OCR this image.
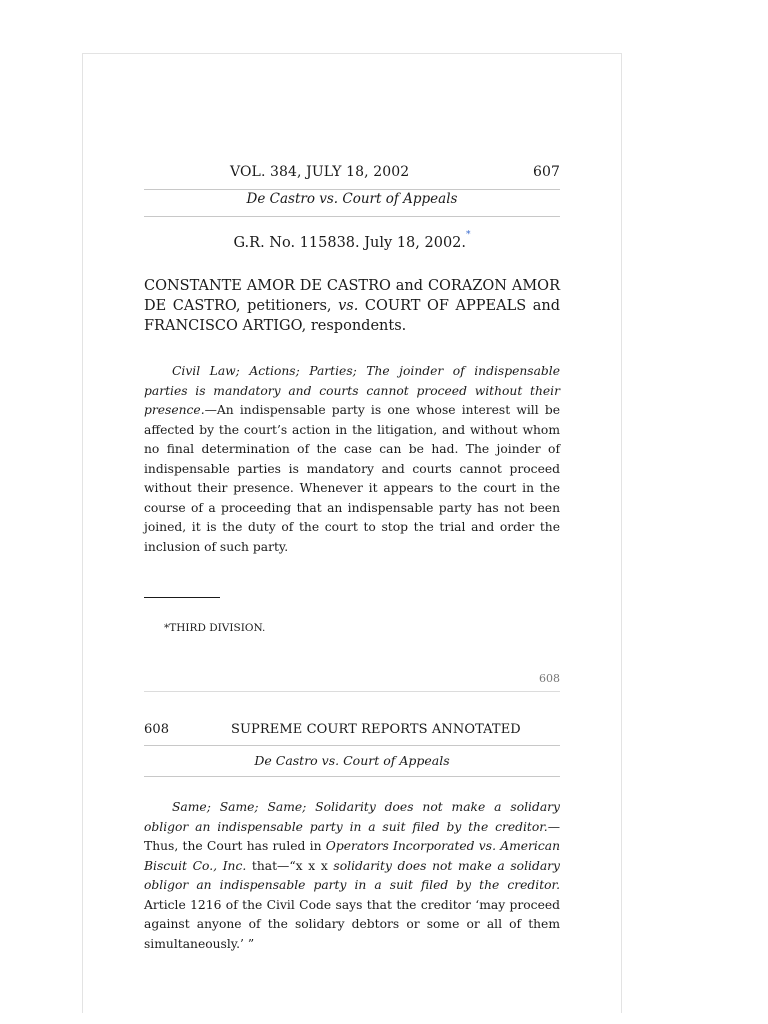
VOL. 384, JULY 18, 2002	607
De Castro vs. Court of Appeals
G.R. No. 115838. July 18, 2002.*
CONSTANTE AMOR DE CASTRO and CORAZON AMOR DE CASTRO, petitioners, vs. COURT OF APPEALS and FRANCISCO ARTIGO, respondents.
Civil Law; Actions; Parties; The joinder of indispensable parties is mandatory and courts cannot proceed without their presence.—An indispensable party is one whose interest will be affected by the court’s action in the litigation, and without whom no final determination of the case can be had. The joinder of indispensable parties is mandatory and courts cannot proceed without their presence. Whenever it appears to the court in the course of a proceeding that an indispensable party has not been joined, it is the duty of the court to stop the trial and order the inclusion of such party.
*THIRD DIVISION.
608
608	SUPREME COURT REPORTS ANNOTATED
De Castro vs. Court of Appeals
Same; Same; Same; Solidarity does not make a solidary obligor an indispensable party in a suit filed by the creditor.—Thus, the Court has ruled in Operators Incorporated vs. American Biscuit Co., Inc. that—“x x x solidarity does not make a solidary obligor an indispensable party in a suit filed by the creditor. Article 1216 of the Civil Code says that the creditor ‘may proceed against anyone of the solidary debtors or some or all of them simultaneously.’ ”
